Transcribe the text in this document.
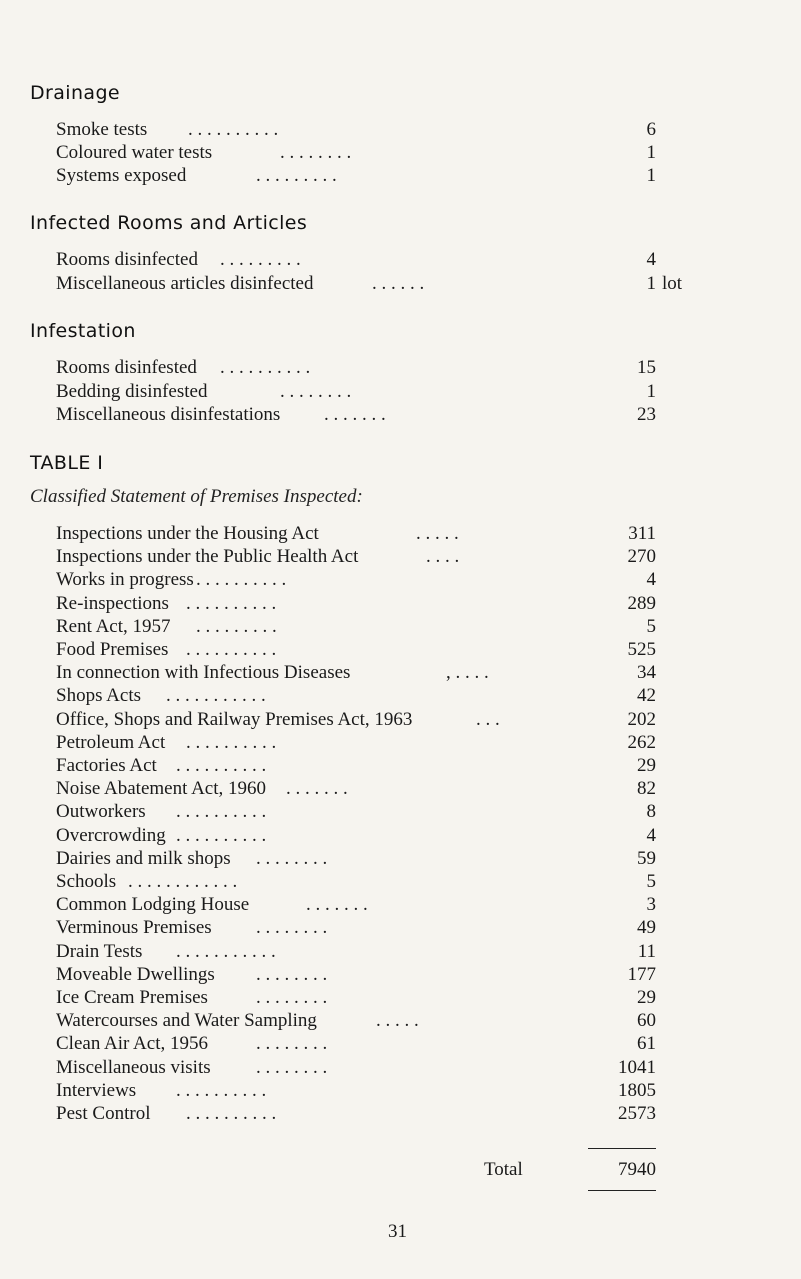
Drainage
Smoke tests . . . . . . . . . .	6
Coloured water tests	. . . . . . . .	1
Systems exposed	. . . . . . . . .	1
Infected Rooms and Articles
Rooms disinfected . . . . . . . . .	4
Miscellaneous articles disinfected	. . . . . .	1 lot
Infestation
Rooms disinfested . . . . . . . . . .	15
Bedding disinfested	. . . . . . . .	1
Miscellaneous disinfestations . . . . . . .	23
TABLE I
Classified Statement of Premises Inspected:
Inspections under the Housing Act	. . . . .	311
Inspections under the Public Health Act	. . . .	270
Works in progress . . . . . . . . . .	4
Re-inspections . . . . . . . . . .	289
Rent Act, 1957 . . . . . . . . .	5
Food Premises . . . . . . . . . .	525
In connection with Infectious Diseases	, . . . .	34
Shops Acts . . . . . . . . . . .	42
Office, Shops and Railway Premises Act, 1963	. . .	202
Petroleum Act . . . . . . . . . .	262
Factories Act . . . . . . . . . .	29
Noise Abatement Act, 1960 . . . . . . .	82
Outworkers . . . . . . . . . .	8
Overcrowding . . . . . . . . . .	4
Dairies and milk shops . . . . . . . .	59
Schools . . . . . . . . . . . .	5
Common Lodging House	. . . . . . .	3
Verminous Premises . . . . . . . .	49
Drain Tests . . . . . . . . . . .	11
Moveable Dwellings . . . . . . . .	177
Ice Cream Premises	. . . . . . . .	29
Watercourses and Water Sampling	. . . . .	60
Clean Air Act, 1956	. . . . . . . .	61
Miscellaneous visits . . . . . . . .	1041
Interviews . . . . . . . . . .	1805
Pest Control . . . . . . . . . .	2573
Total	7940
31
